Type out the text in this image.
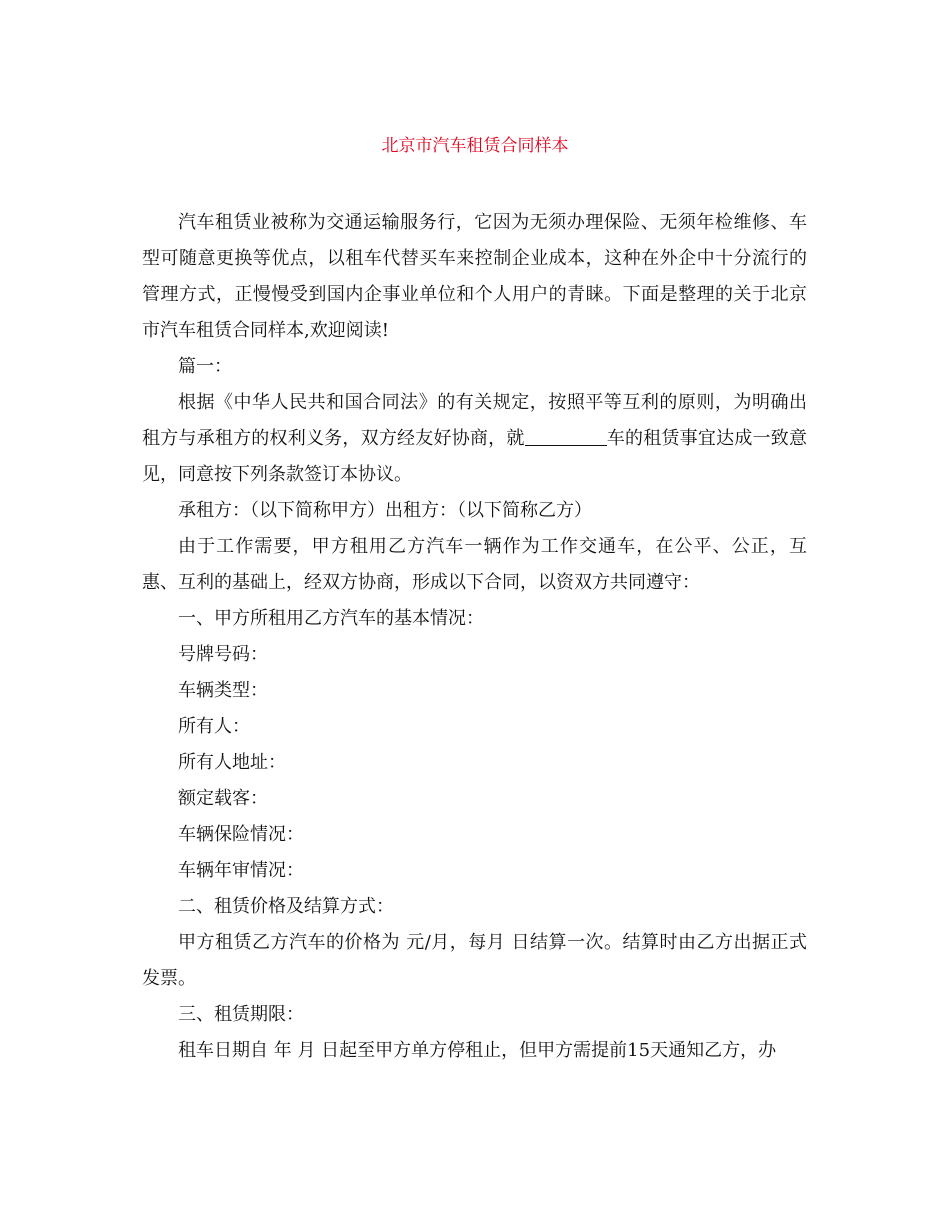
北京市汽车租赁合同样本

汽车租赁业被称为交通运输服务行，它因为无须办理保险、无须年检维修、车型可随意更换等优点，以租车代替买车来控制企业成本，这种在外企中十分流行的管理方式，正慢慢受到国内企事业单位和个人用户的青睐。下面是整理的关于北京市汽车租赁合同样本,欢迎阅读!

篇一：

根据《中华人民共和国合同法》的有关规定，按照平等互利的原则，为明确出租方与承租方的权利义务，双方经友好协商，就	车的租赁事宜达成一致意见，同意按下列条款签订本协议。

承租方：（以下简称甲方）出租方：（以下简称乙方）

由于工作需要，甲方租用乙方汽车一辆作为工作交通车，在公平、公正，互惠、互利的基础上，经双方协商，形成以下合同，以资双方共同遵守：

一、甲方所租用乙方汽车的基本情况：

号牌号码：

车辆类型：

所有人：

所有人地址：

额定载客：

车辆保险情况：

车辆年审情况：

二、租赁价格及结算方式：

甲方租赁乙方汽车的价格为 元/月，每月 日结算一次。结算时由乙方出据正式发票。

三、租赁期限：

租车日期自 年 月 日起至甲方单方停租止，但甲方需提前15天通知乙方，办
